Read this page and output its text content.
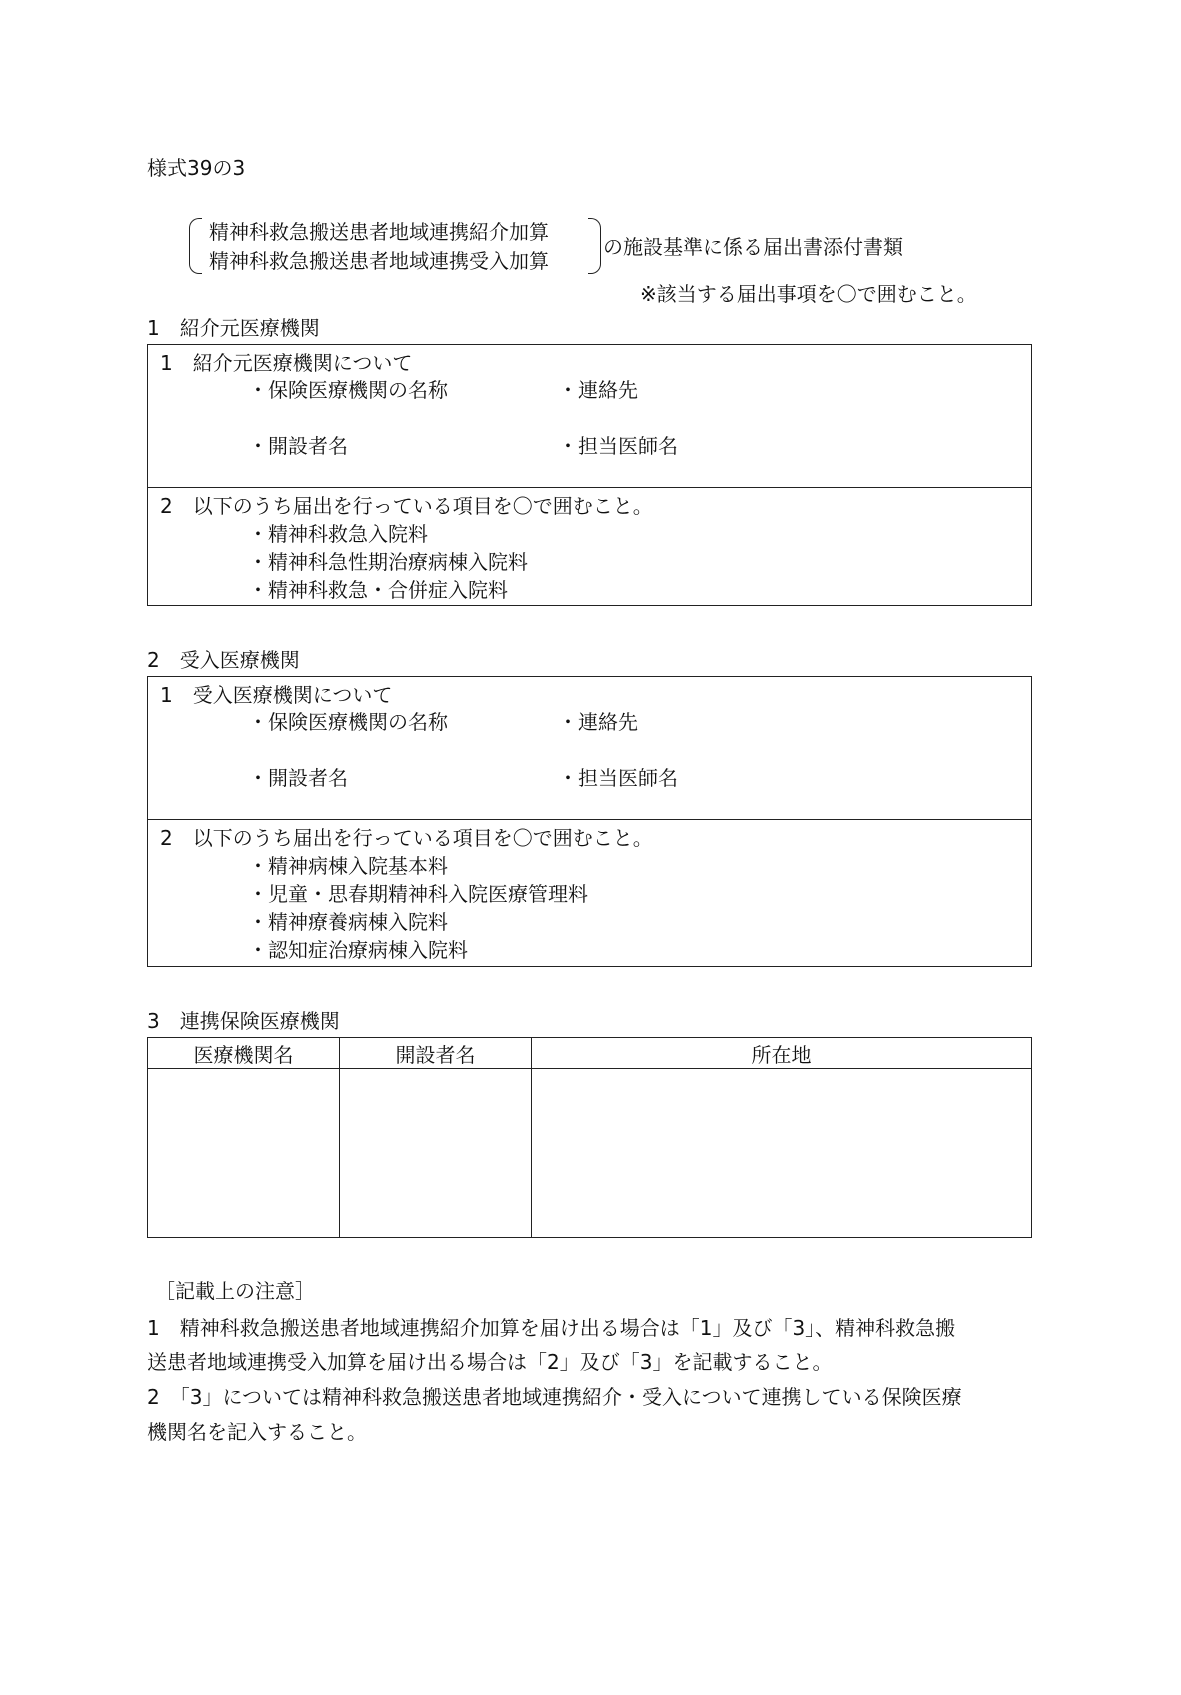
様式39の3
精神科救急搬送患者地域連携紹介加算
精神科救急搬送患者地域連携受入加算
の施設基準に係る届出書添付書類
※該当する届出事項を〇で囲むこと。
1　紹介元医療機関
1　紹介元医療機関について
・保険医療機関の名称	・連絡先
・開設者名	・担当医師名
2　以下のうち届出を行っている項目を〇で囲むこと。
・精神科救急入院料
・精神科急性期治療病棟入院料
・精神科救急・合併症入院料
2　受入医療機関
1　受入医療機関について
・保険医療機関の名称	・連絡先
・開設者名	・担当医師名
2　以下のうち届出を行っている項目を〇で囲むこと。
・精神病棟入院基本料
・児童・思春期精神科入院医療管理料
・精神療養病棟入院料
・認知症治療病棟入院料
3　連携保険医療機関
医療機関名	開設者名	所在地

［記載上の注意］
1　精神科救急搬送患者地域連携紹介加算を届け出る場合は「1」及び「3」、精神科救急搬
送患者地域連携受入加算を届け出る場合は「2」及び「3」を記載すること。
2　「3」については精神科救急搬送患者地域連携紹介・受入について連携している保険医療
機関名を記入すること。
